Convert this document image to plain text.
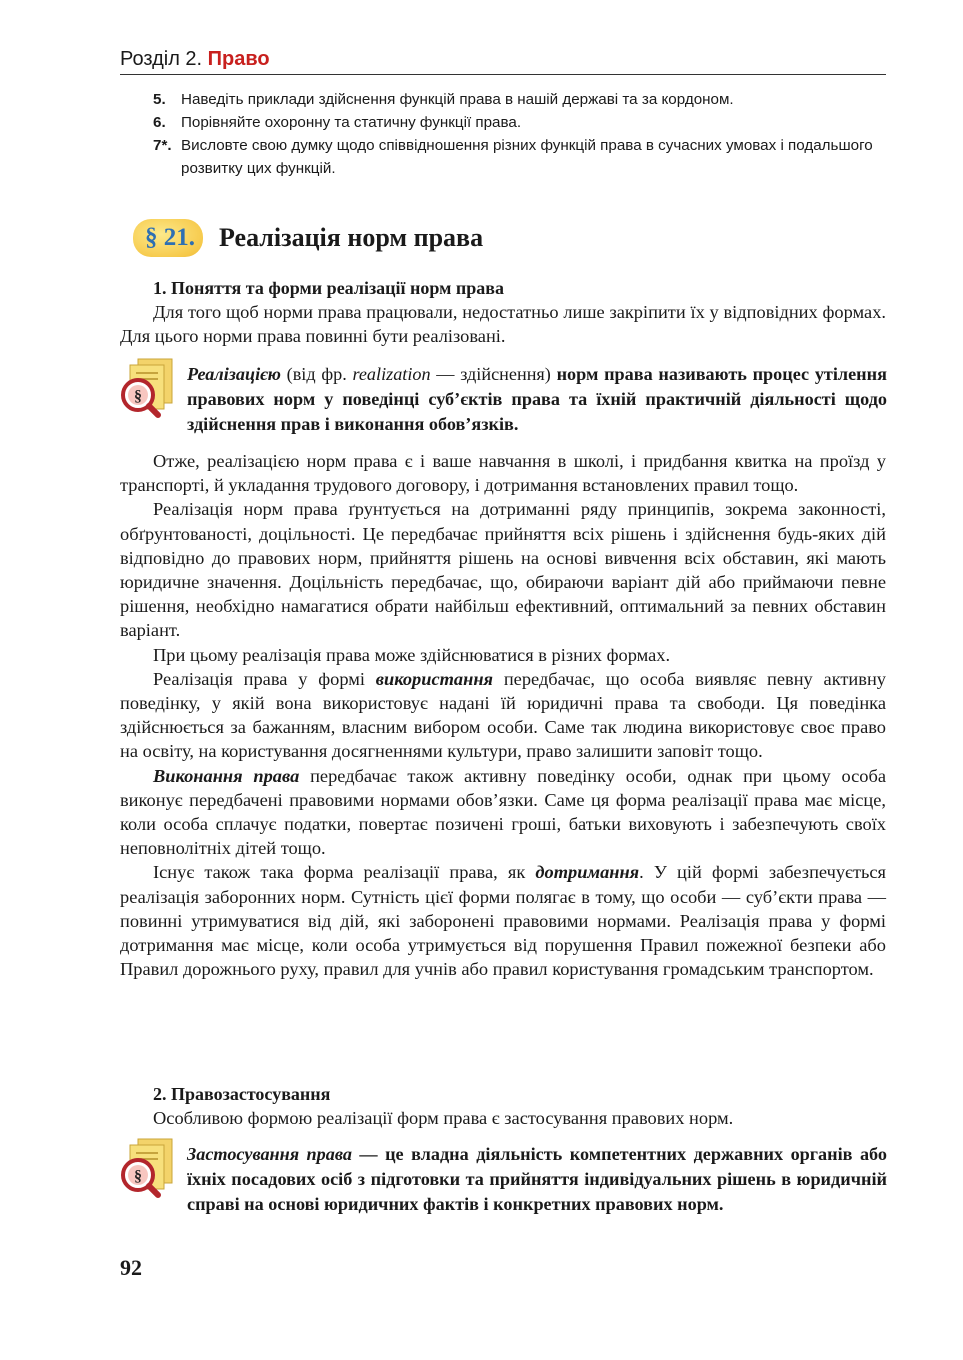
Розділ 2. Право
5.	Наведіть приклади здійснення функцій права в нашій державі та за кордоном.
6.	Порівняйте охоронну та статичну функції права.
7*. Висловте свою думку щодо співвідношення різних функцій права в сучасних умовах і подальшого розвитку цих функцій.
§ 21. Реалізація норм права
1. Поняття та форми реалізації норм права
Для того щоб норми права працювали, недостатньо лише закріпити їх у відповідних формах. Для цього норми права повинні бути реалізовані.
§
Реалізацією (від фр. realization — здійснення) норм права називають процес утілення правових норм у поведінці суб’єктів права та їхній практичній діяльності щодо здійснення прав і виконання обов’язків.

Отже, реалізацією норм права є і ваше навчання в школі, і придбання квитка на проїзд у транспорті, й укладання трудового договору, і дотримання встановлених правил тощо.

Реалізація норм права ґрунтується на дотриманні ряду принципів, зокрема законності, обґрунтованості, доцільності. Це передбачає прийняття всіх рішень і здійснення будь-яких дій відповідно до правових норм, прийняття рішень на основі вивчення всіх обставин, які мають юридичне значення. Доцільність передбачає, що, обираючи варіант дій або приймаючи певне рішення, необхідно намагатися обрати найбільш ефективний, оптимальний за певних обставин варіант.

При цьому реалізація права може здійснюватися в різних формах.

Реалізація права у формі використання передбачає, що особа виявляє певну активну поведінку, у якій вона використовує надані їй юридичні права та свободи. Ця поведінка здійснюється за бажанням, власним вибором особи. Саме так людина використовує своє право на освіту, на користування досягненнями культури, право залишити заповіт тощо.

Виконання права передбачає також активну поведінку особи, однак при цьому особа виконує передбачені правовими нормами обов’язки. Саме ця форма реалізації права має місце, коли особа сплачує податки, повертає позичені гроші, батьки виховують і забезпечують своїх неповнолітніх дітей тощо.

Існує також така форма реалізації права, як дотримання. У цій формі забезпечується реалізація заборонних норм. Сутність цієї форми полягає в тому, що особи — суб’єкти права — повинні утримуватися від дій, які заборонені правовими нормами. Реалізація права у формі дотримання має місце, коли особа утримується від порушення Правил пожежної безпеки або Правил дорожнього руху, правил для учнів або правил користування громадським транспортом.

2. Правозастосування
Особливою формою реалізації форм права є застосування правових норм.
§
Застосування права — це владна діяльність компетентних державних органів або їхніх посадових осіб з підготовки та прийняття індивідуальних рішень в юридичній справі на основі юридичних фактів і конкретних правових норм.
92
